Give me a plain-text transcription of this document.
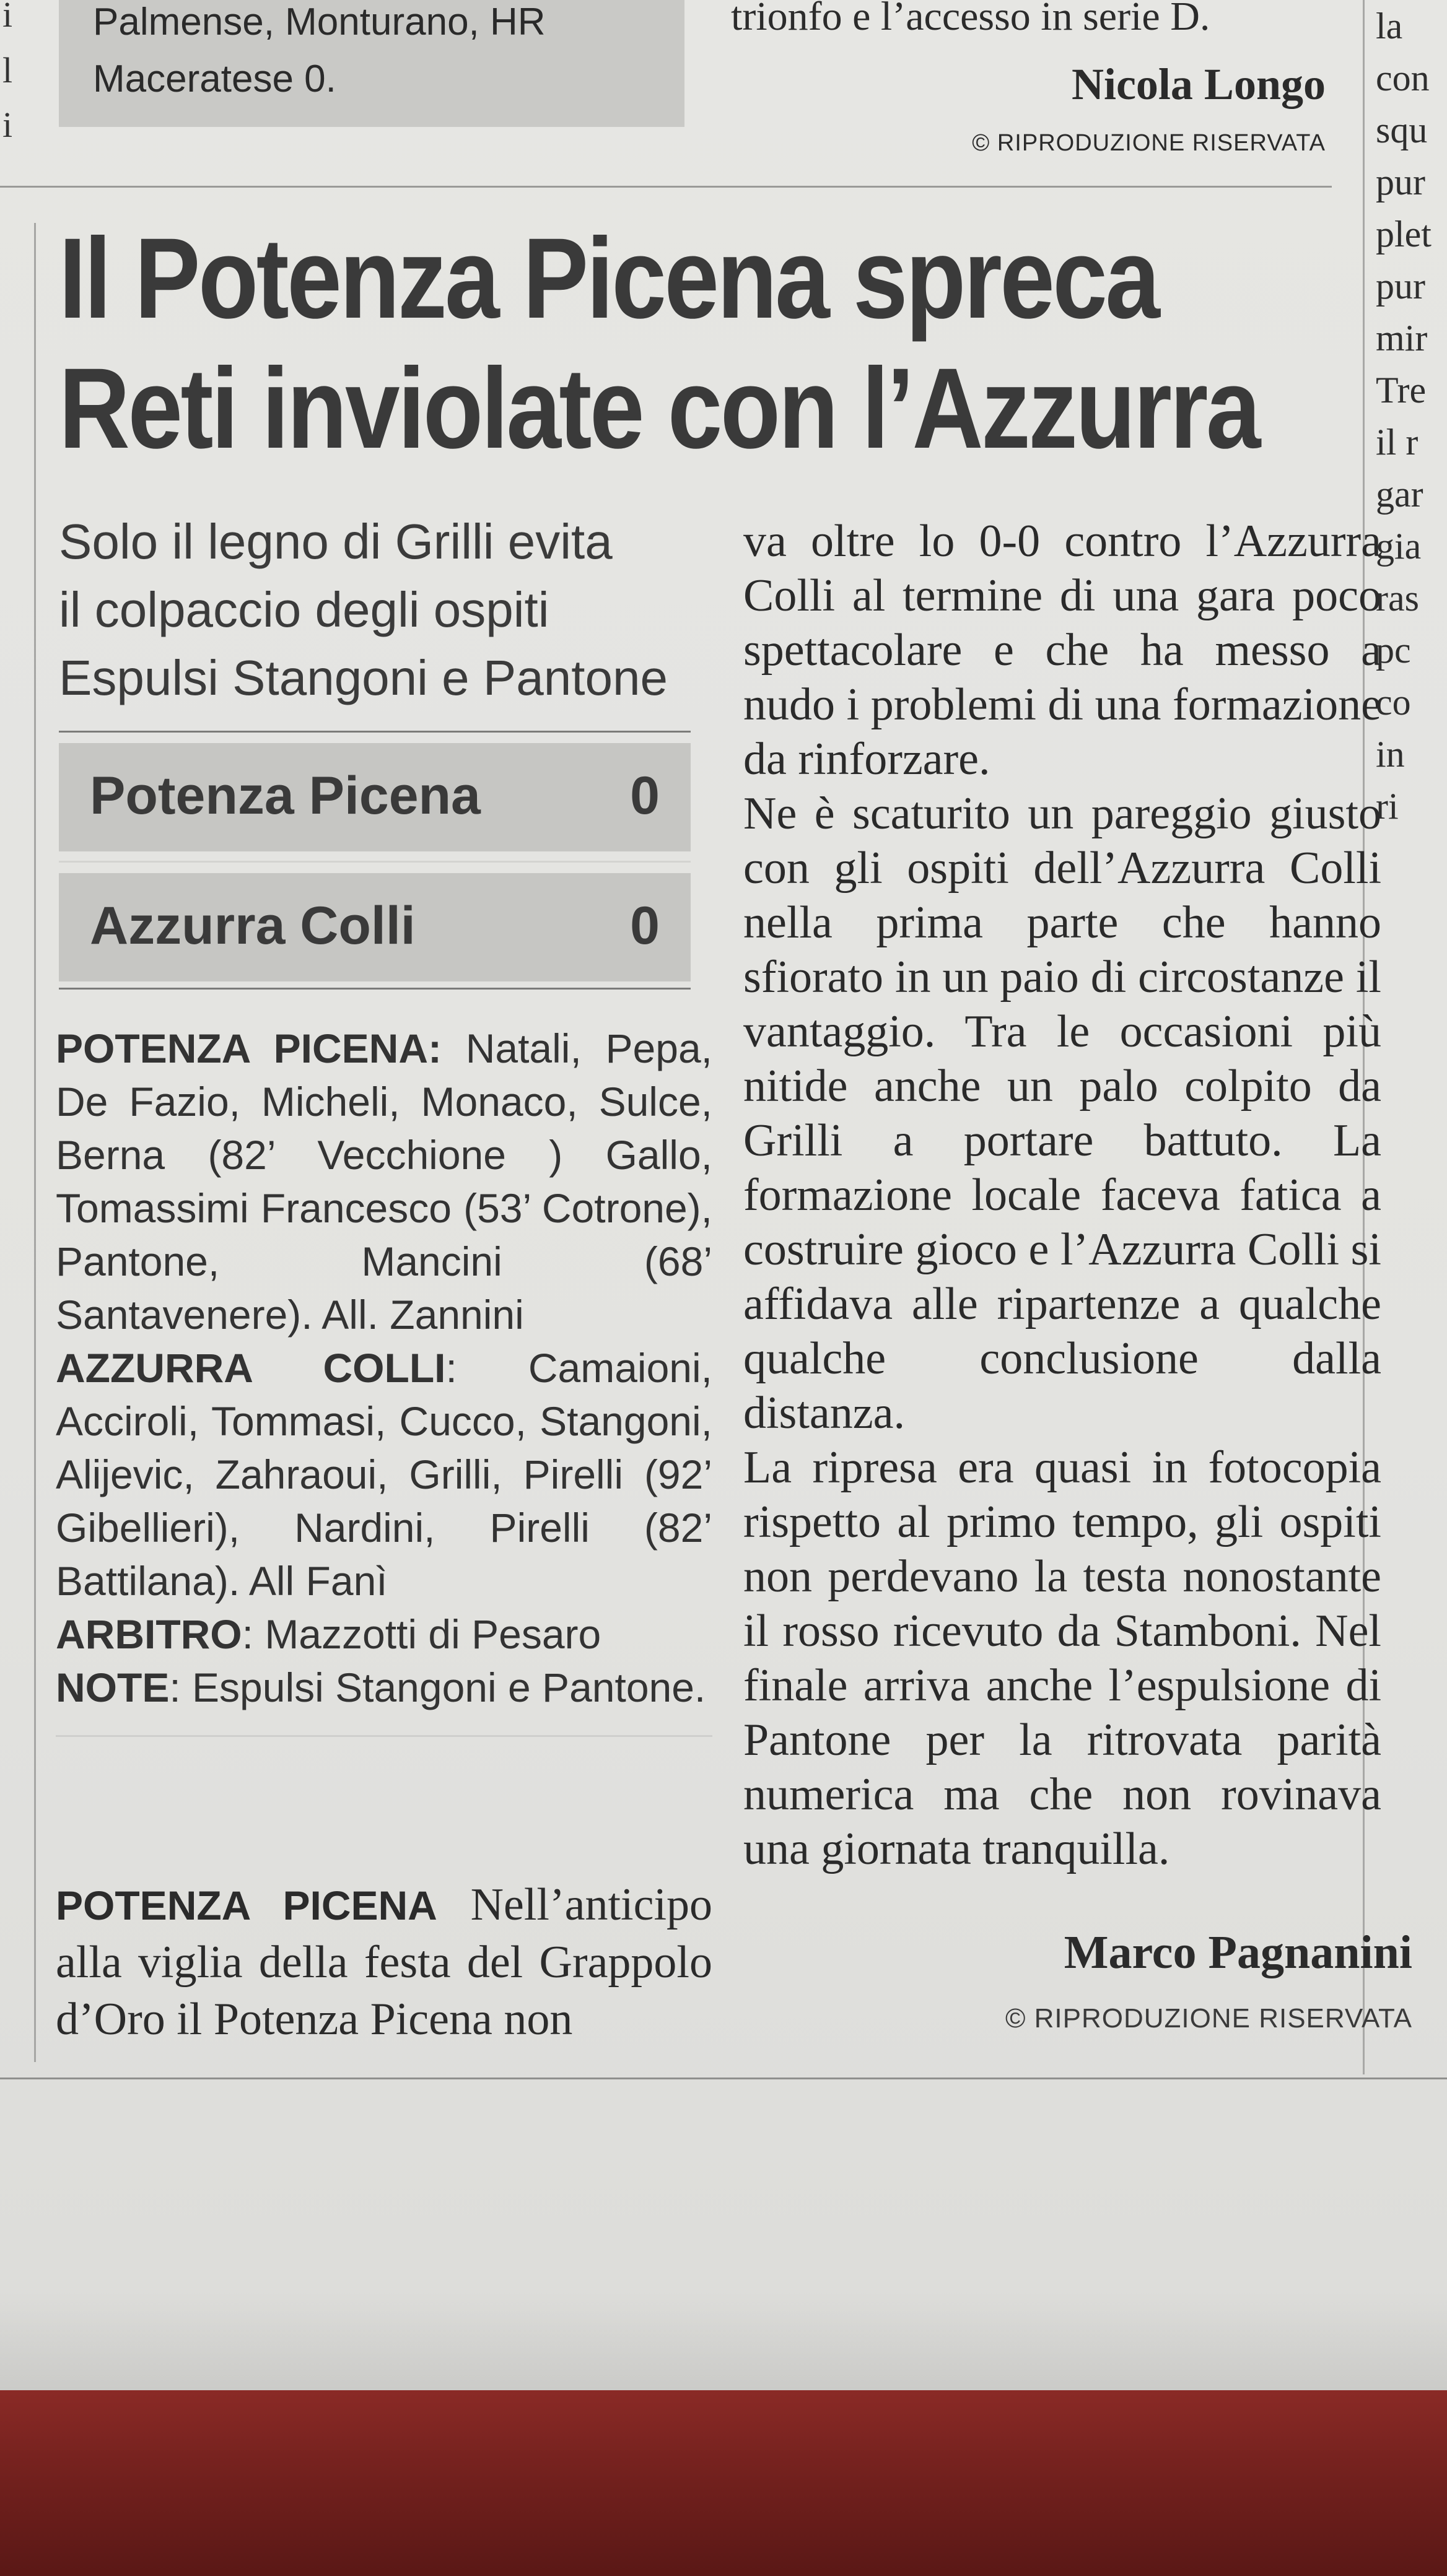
Palmense, Monturano, HR
Maceratese 0.
trionfo e l’accesso in serie D.
Nicola Longo
© RIPRODUZIONE RISERVATA
i
l
i
la
con
squ
pur
plet
pur
mir
Tre
il r
gar
gia
ras
pc
co
in
ri
Il Potenza Picena spreca
Reti inviolate con l’Azzurra
Solo il legno di Grilli evita
il colpaccio degli ospiti
Espulsi Stangoni e Pantone
Potenza Picena	0
Azzurra Colli	0

POTENZA PICENA: Natali, Pepa, De Fazio, Micheli, Monaco, Sulce, Berna (82’ Vecchione ) Gallo, Tomassimi Francesco (53’ Cotrone), Pantone, Mancini (68’ Santavenere). All. Zannini

AZZURRA COLLI: Camaioni, Acciroli, Tommasi, Cucco, Stangoni, Alijevic, Zahraoui, Grilli, Pirelli (92’ Gibellieri), Nardini, Pirelli (82’ Battilana). All Fanì

ARBITRO: Mazzotti di Pesaro

NOTE: Espulsi Stangoni e Pantone.

POTENZA PICENA Nell’anticipo alla viglia della festa del Grappolo d’Oro il Potenza Picena non

va oltre lo 0-0 contro l’Azzurra Colli al termine di una gara poco spettacolare e che ha messo a nudo i problemi di una formazione da rinforzare.

Ne è scaturito un pareggio giusto con gli ospiti dell’Azzurra Colli nella prima parte che hanno sfiorato in un paio di circostanze il vantaggio. Tra le occasioni più nitide anche un palo colpito da Grilli a portare battuto. La formazione locale faceva fatica a costruire gioco e l’Azzurra Colli si affidava alle ripartenze a qualche qualche conclusione dalla distanza.

La ripresa era quasi in fotocopia rispetto al primo tempo, gli ospiti non perdevano la testa nonostante il rosso ricevuto da Stamboni. Nel finale arriva anche l’espulsione di Pantone per la ritrovata parità numerica ma che non rovinava una giornata tranquilla.

Marco Pagnanini
© RIPRODUZIONE RISERVATA
